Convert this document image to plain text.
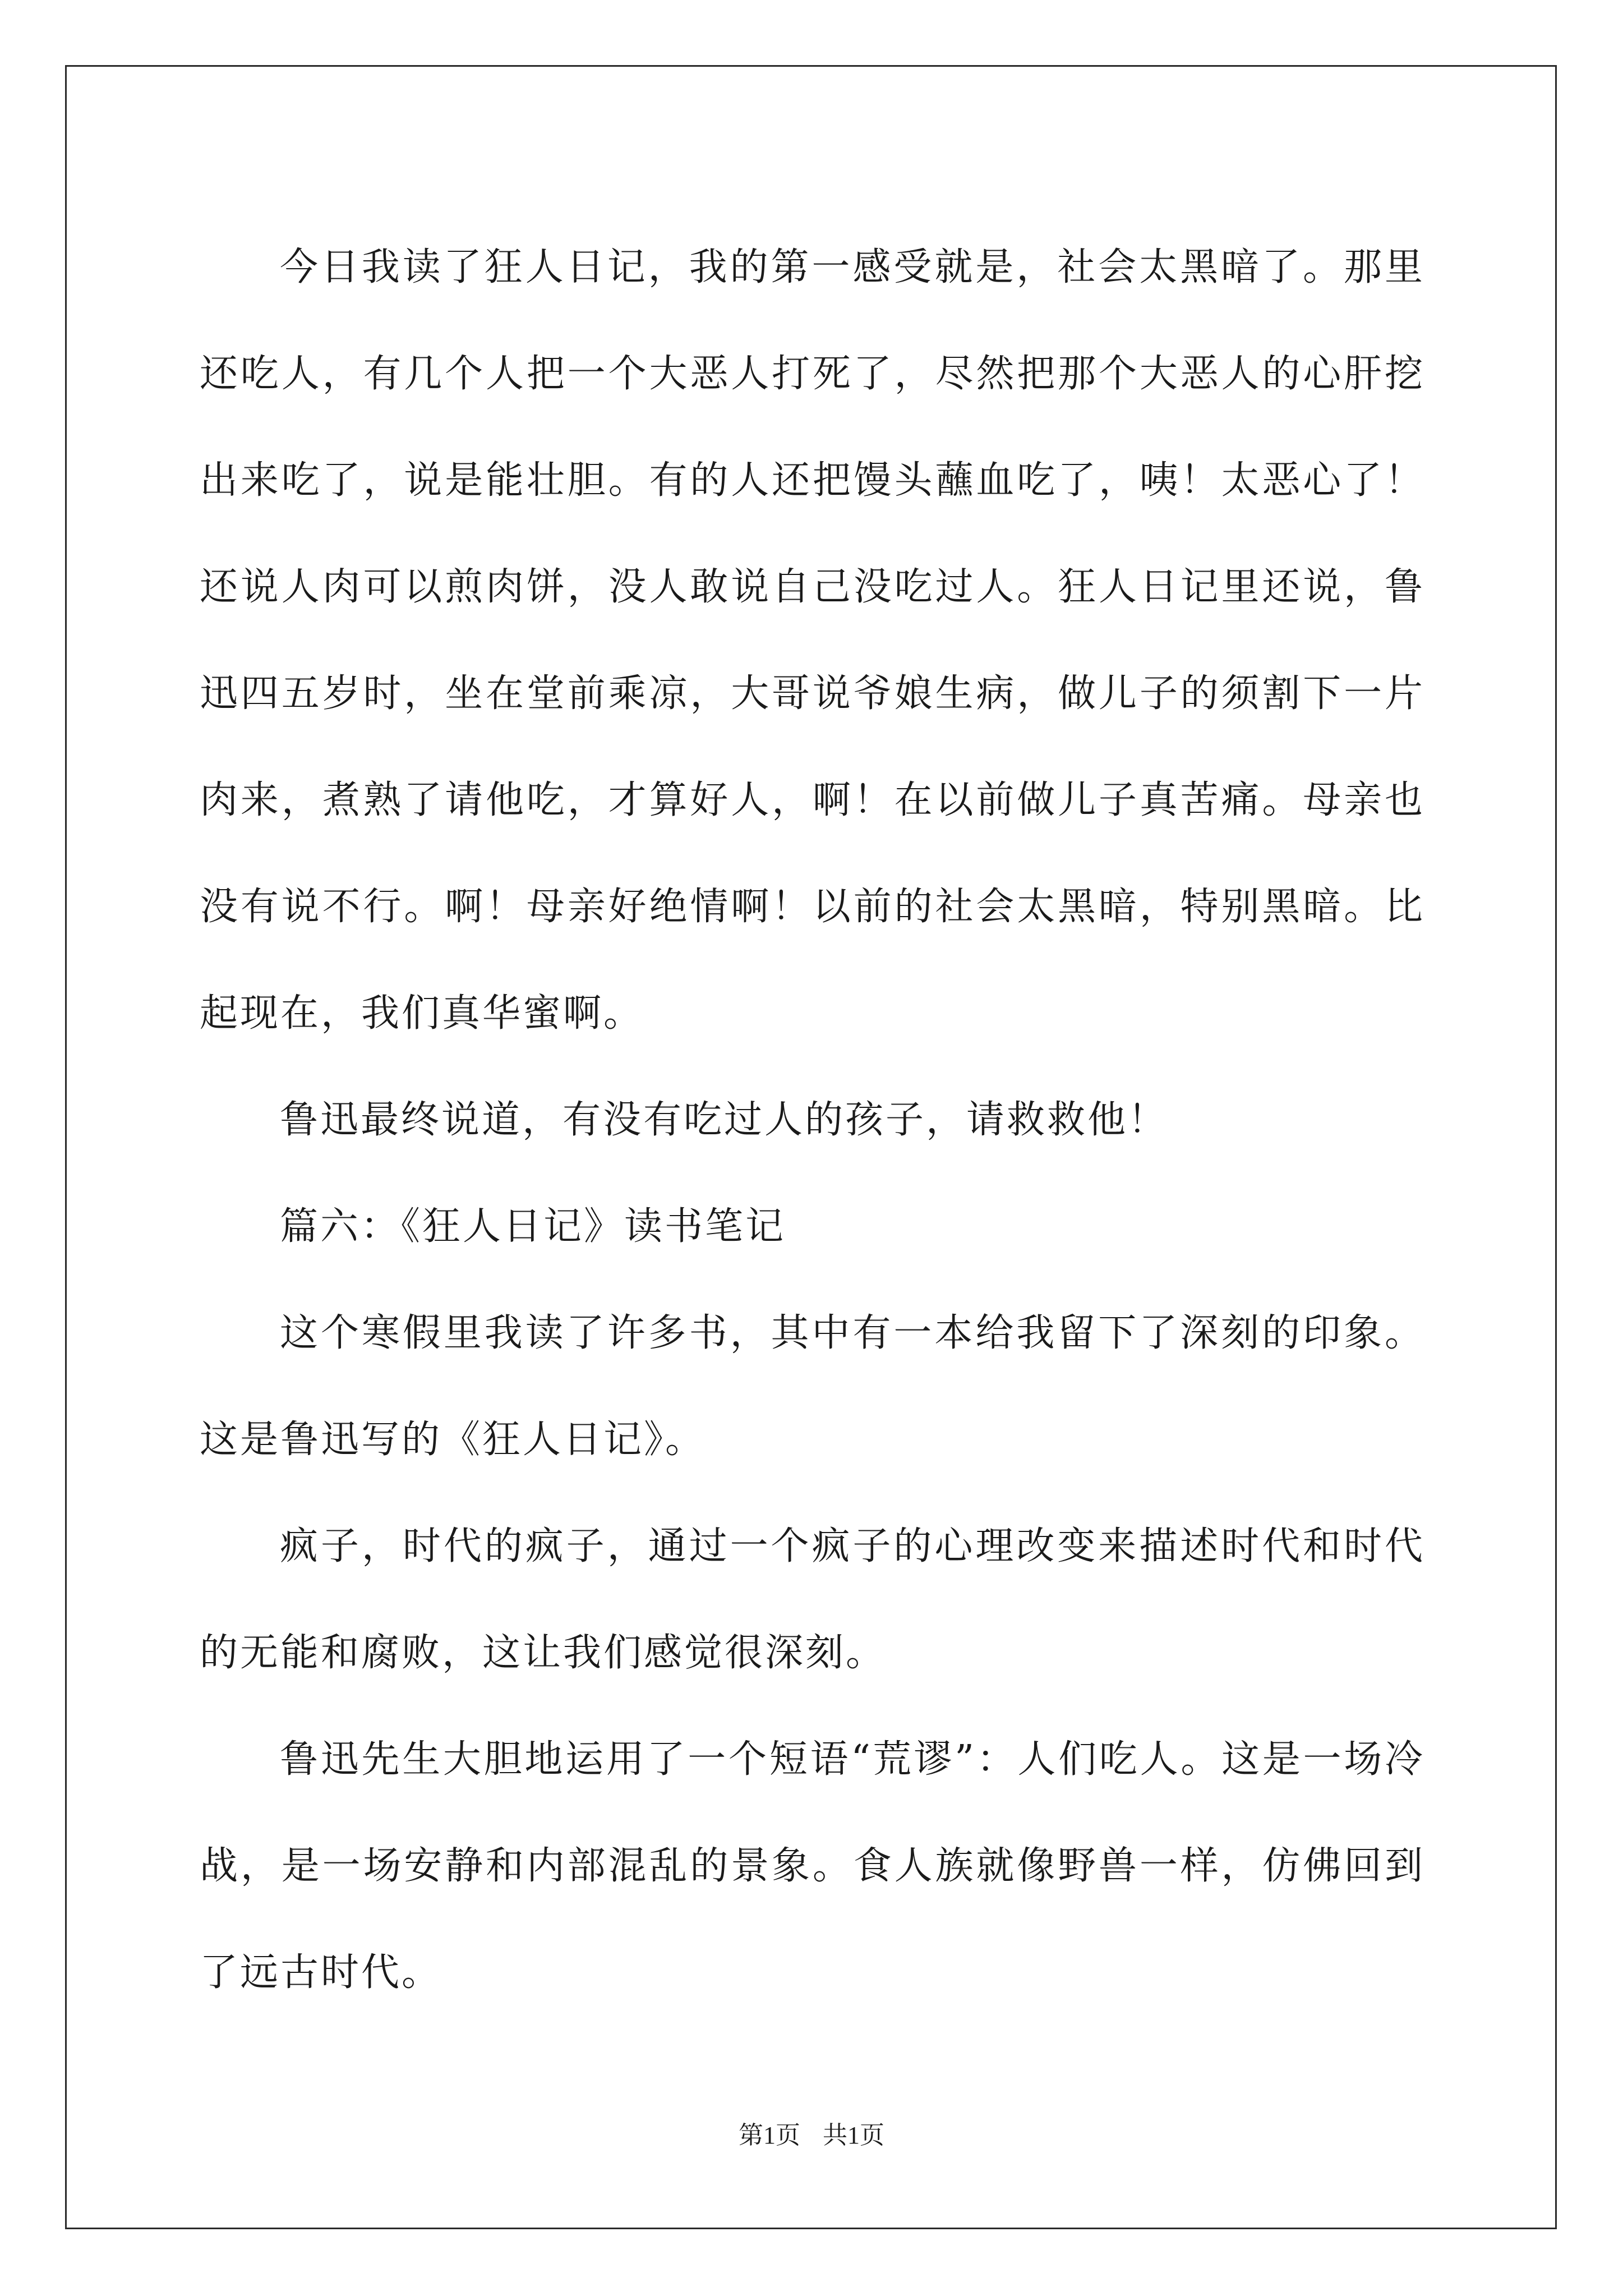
今日我读了狂人日记，我的第一感受就是，社会太黑暗了。那里还吃人，有几个人把一个大恶人打死了，尽然把那个大恶人的心肝挖出来吃了，说是能壮胆。有的人还把馒头蘸血吃了，咦！太恶心了！还说人肉可以煎肉饼，没人敢说自己没吃过人。狂人日记里还说，鲁迅四五岁时，坐在堂前乘凉，大哥说爷娘生病，做儿子的须割下一片肉来，煮熟了请他吃，才算好人，啊！在以前做儿子真苦痛。母亲也没有说不行。啊！母亲好绝情啊！以前的社会太黑暗，特别黑暗。比起现在，我们真华蜜啊。

鲁迅最终说道，有没有吃过人的孩子，请救救他！

篇六：《狂人日记》读书笔记

这个寒假里我读了许多书，其中有一本给我留下了深刻的印象。这是鲁迅写的《狂人日记》。

疯子，时代的疯子，通过一个疯子的心理改变来描述时代和时代的无能和腐败，这让我们感觉很深刻。

鲁迅先生大胆地运用了一个短语“荒谬”：人们吃人。这是一场冷战，是一场安静和内部混乱的景象。食人族就像野兽一样，仿佛回到了远古时代。

第1页 共1页
